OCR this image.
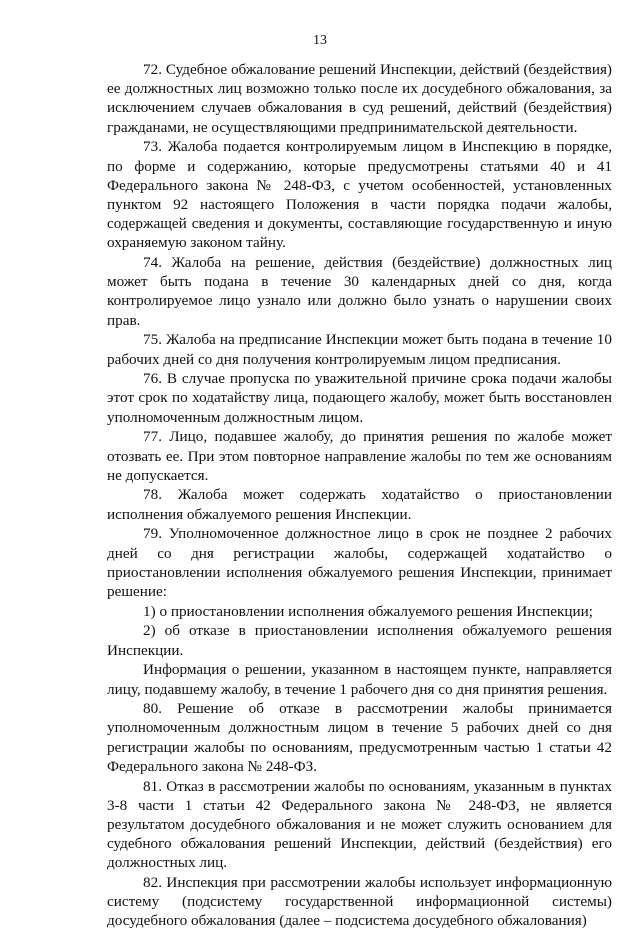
13

72. Судебное обжалование решений Инспекции, действий (бездействия) ее должностных лиц возможно только после их досудебного обжалования, за исключением случаев обжалования в суд решений, действий (бездействия) гражданами, не осуществляющими предпринимательской деятельности.

73. Жалоба подается контролируемым лицом в Инспекцию в порядке, по форме и содержанию, которые предусмотрены статьями 40 и 41 Федерального закона № 248-ФЗ, с учетом особенностей, установленных пунктом 92 настоящего Положения в части порядка подачи жалобы, содержащей сведения и документы, составляющие государственную и иную охраняемую законом тайну.

74. Жалоба на решение, действия (бездействие) должностных лиц может быть подана в течение 30 календарных дней со дня, когда контролируемое лицо узнало или должно было узнать о нарушении своих прав.

75. Жалоба на предписание Инспекции может быть подана в течение 10 рабочих дней со дня получения контролируемым лицом предписания.

76. В случае пропуска по уважительной причине срока подачи жалобы этот срок по ходатайству лица, подающего жалобу, может быть восстановлен уполномоченным должностным лицом.

77. Лицо, подавшее жалобу, до принятия решения по жалобе может отозвать ее. При этом повторное направление жалобы по тем же основаниям не допускается.

78. Жалоба может содержать ходатайство о приостановлении исполнения обжалуемого решения Инспекции.

79. Уполномоченное должностное лицо в срок не позднее 2 рабочих дней со дня регистрации жалобы, содержащей ходатайство о приостановлении исполнения обжалуемого решения Инспекции, принимает решение:

1) о приостановлении исполнения обжалуемого решения Инспекции;

2) об отказе в приостановлении исполнения обжалуемого решения Инспекции.

Информация о решении, указанном в настоящем пункте, направляется лицу, подавшему жалобу, в течение 1 рабочего дня со дня принятия решения.

80. Решение об отказе в рассмотрении жалобы принимается уполномоченным должностным лицом в течение 5 рабочих дней со дня регистрации жалобы по основаниям, предусмотренным частью 1 статьи 42 Федерального закона № 248-ФЗ.

81. Отказ в рассмотрении жалобы по основаниям, указанным в пунктах 3-8 части 1 статьи 42 Федерального закона № 248-ФЗ, не является результатом досудебного обжалования и не может служить основанием для судебного обжалования решений Инспекции, действий (бездействия) его должностных лиц.

82. Инспекция при рассмотрении жалобы использует информационную систему (подсистему государственной информационной системы) досудебного обжалования (далее – подсистема досудебного обжалования)
